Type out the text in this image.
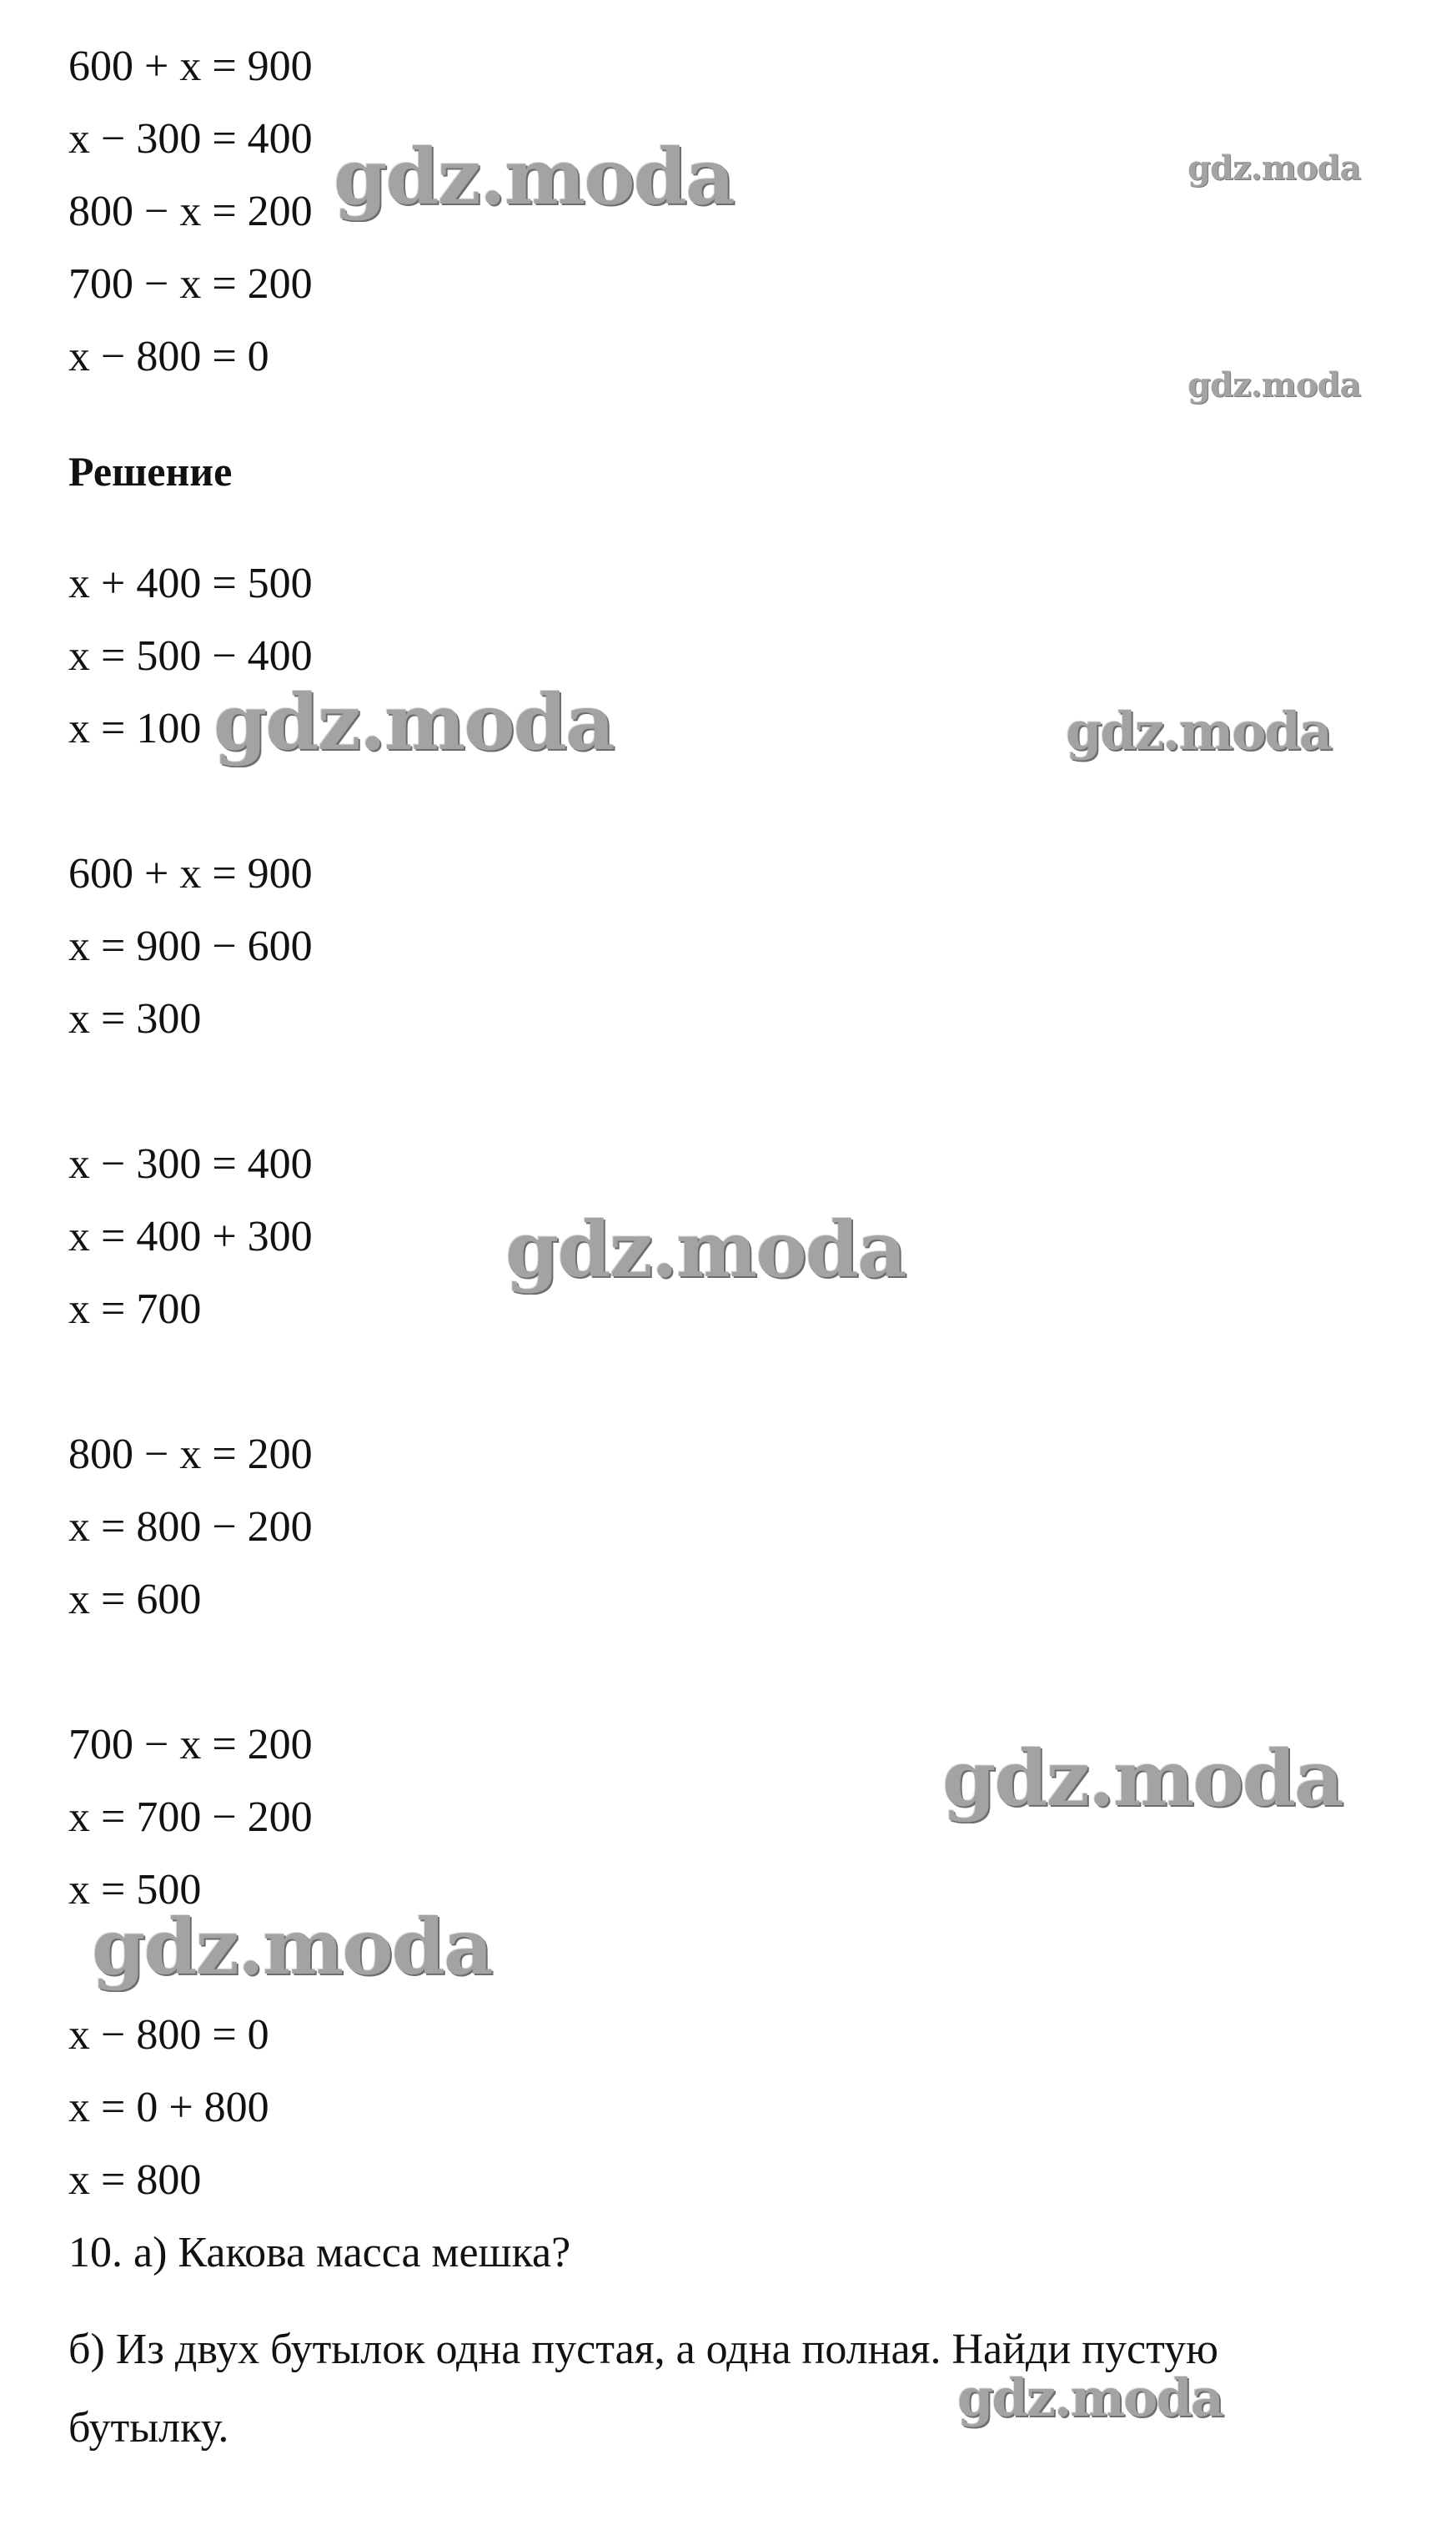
600 + x = 900
x − 300 = 400
800 − x = 200
700 − x = 200
x − 800 = 0
Решение
x + 400 = 500
x = 500 − 400
x = 100
600 + x = 900
x = 900 − 600
x = 300
x − 300 = 400
x = 400 + 300
x = 700
800 − x = 200
x = 800 − 200
x = 600
700 − x = 200
x = 700 − 200
x = 500
x − 800 = 0
x = 0 + 800
x = 800
10. а) Какова масса мешка?
б) Из двух бутылок одна пустая, а одна полная. Найди пустую бутылку.
gdz.moda	gdz.moda
gdz.moda
gdz.moda	gdz.moda
gdz.moda
gdz.moda
gdz.moda
gdz.moda
